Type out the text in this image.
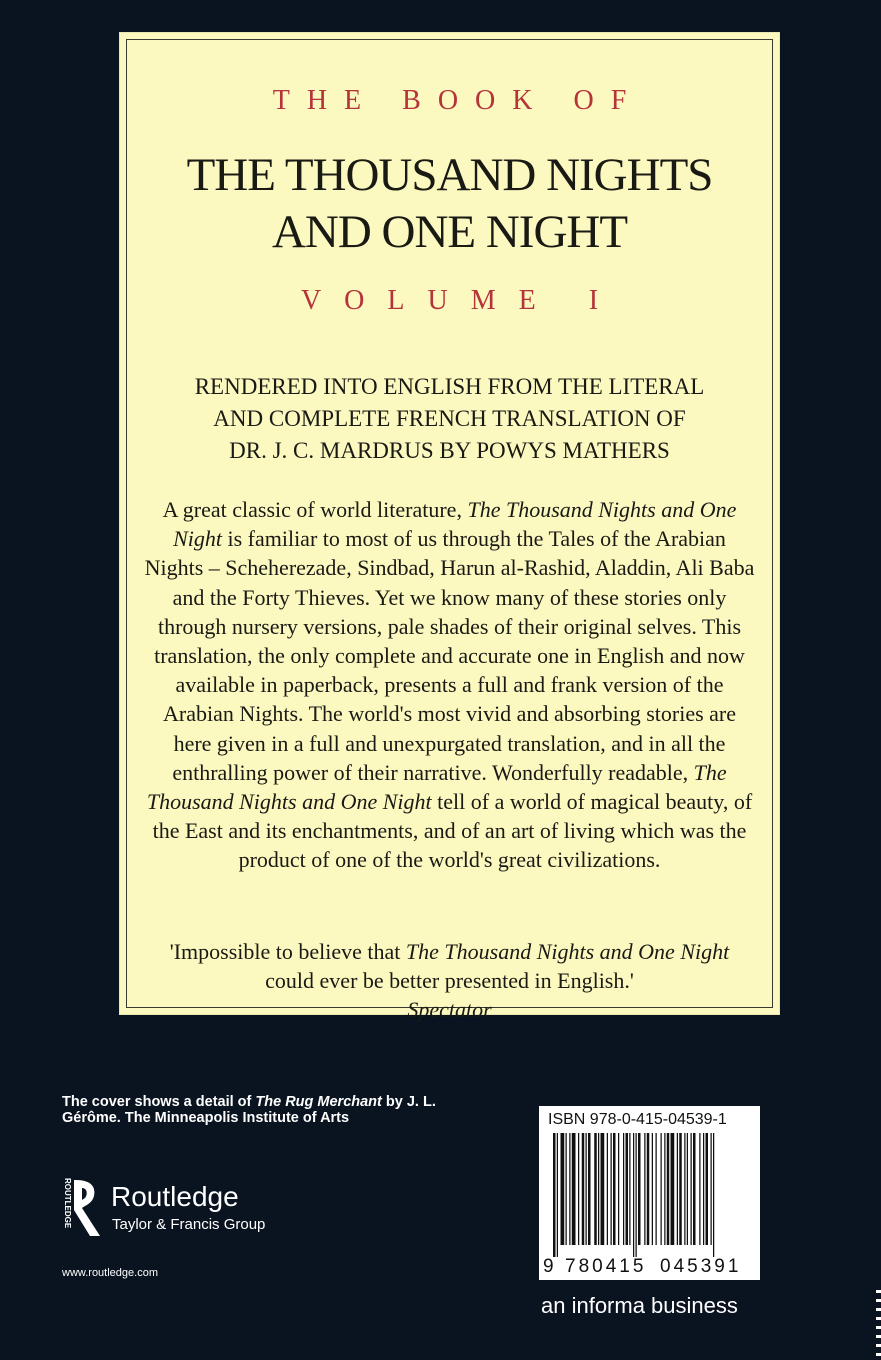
THE BOOK OF
THE THOUSAND NIGHTS
AND ONE NIGHT
VOLUME I
RENDERED INTO ENGLISH FROM THE LITERAL
AND COMPLETE FRENCH TRANSLATION OF
DR. J. C. MARDRUS BY POWYS MATHERS
A great classic of world literature, The Thousand Nights and One Night is familiar to most of us through the Tales of the Arabian Nights – Scheherezade, Sindbad, Harun al-Rashid, Aladdin, Ali Baba and the Forty Thieves. Yet we know many of these stories only through nursery versions, pale shades of their original selves. This translation, the only complete and accurate one in English and now available in paperback, presents a full and frank version of the Arabian Nights. The world's most vivid and absorbing stories are here given in a full and unexpurgated translation, and in all the enthralling power of their narrative. Wonderfully readable, The Thousand Nights and One Night tell of a world of magical beauty, of the East and its enchantments, and of an art of living which was the product of one of the world's great civilizations.
'Impossible to believe that The Thousand Nights and One Night could ever be better presented in English.'
Spectator
The cover shows a detail of The Rug Merchant by J. L. Gérôme. The Minneapolis Institute of Arts
ROUTLEDGE Routledge
Taylor & Francis Group
www.routledge.com
ISBN 978-0-415-04539-1
9 780415 045391
an informa business
